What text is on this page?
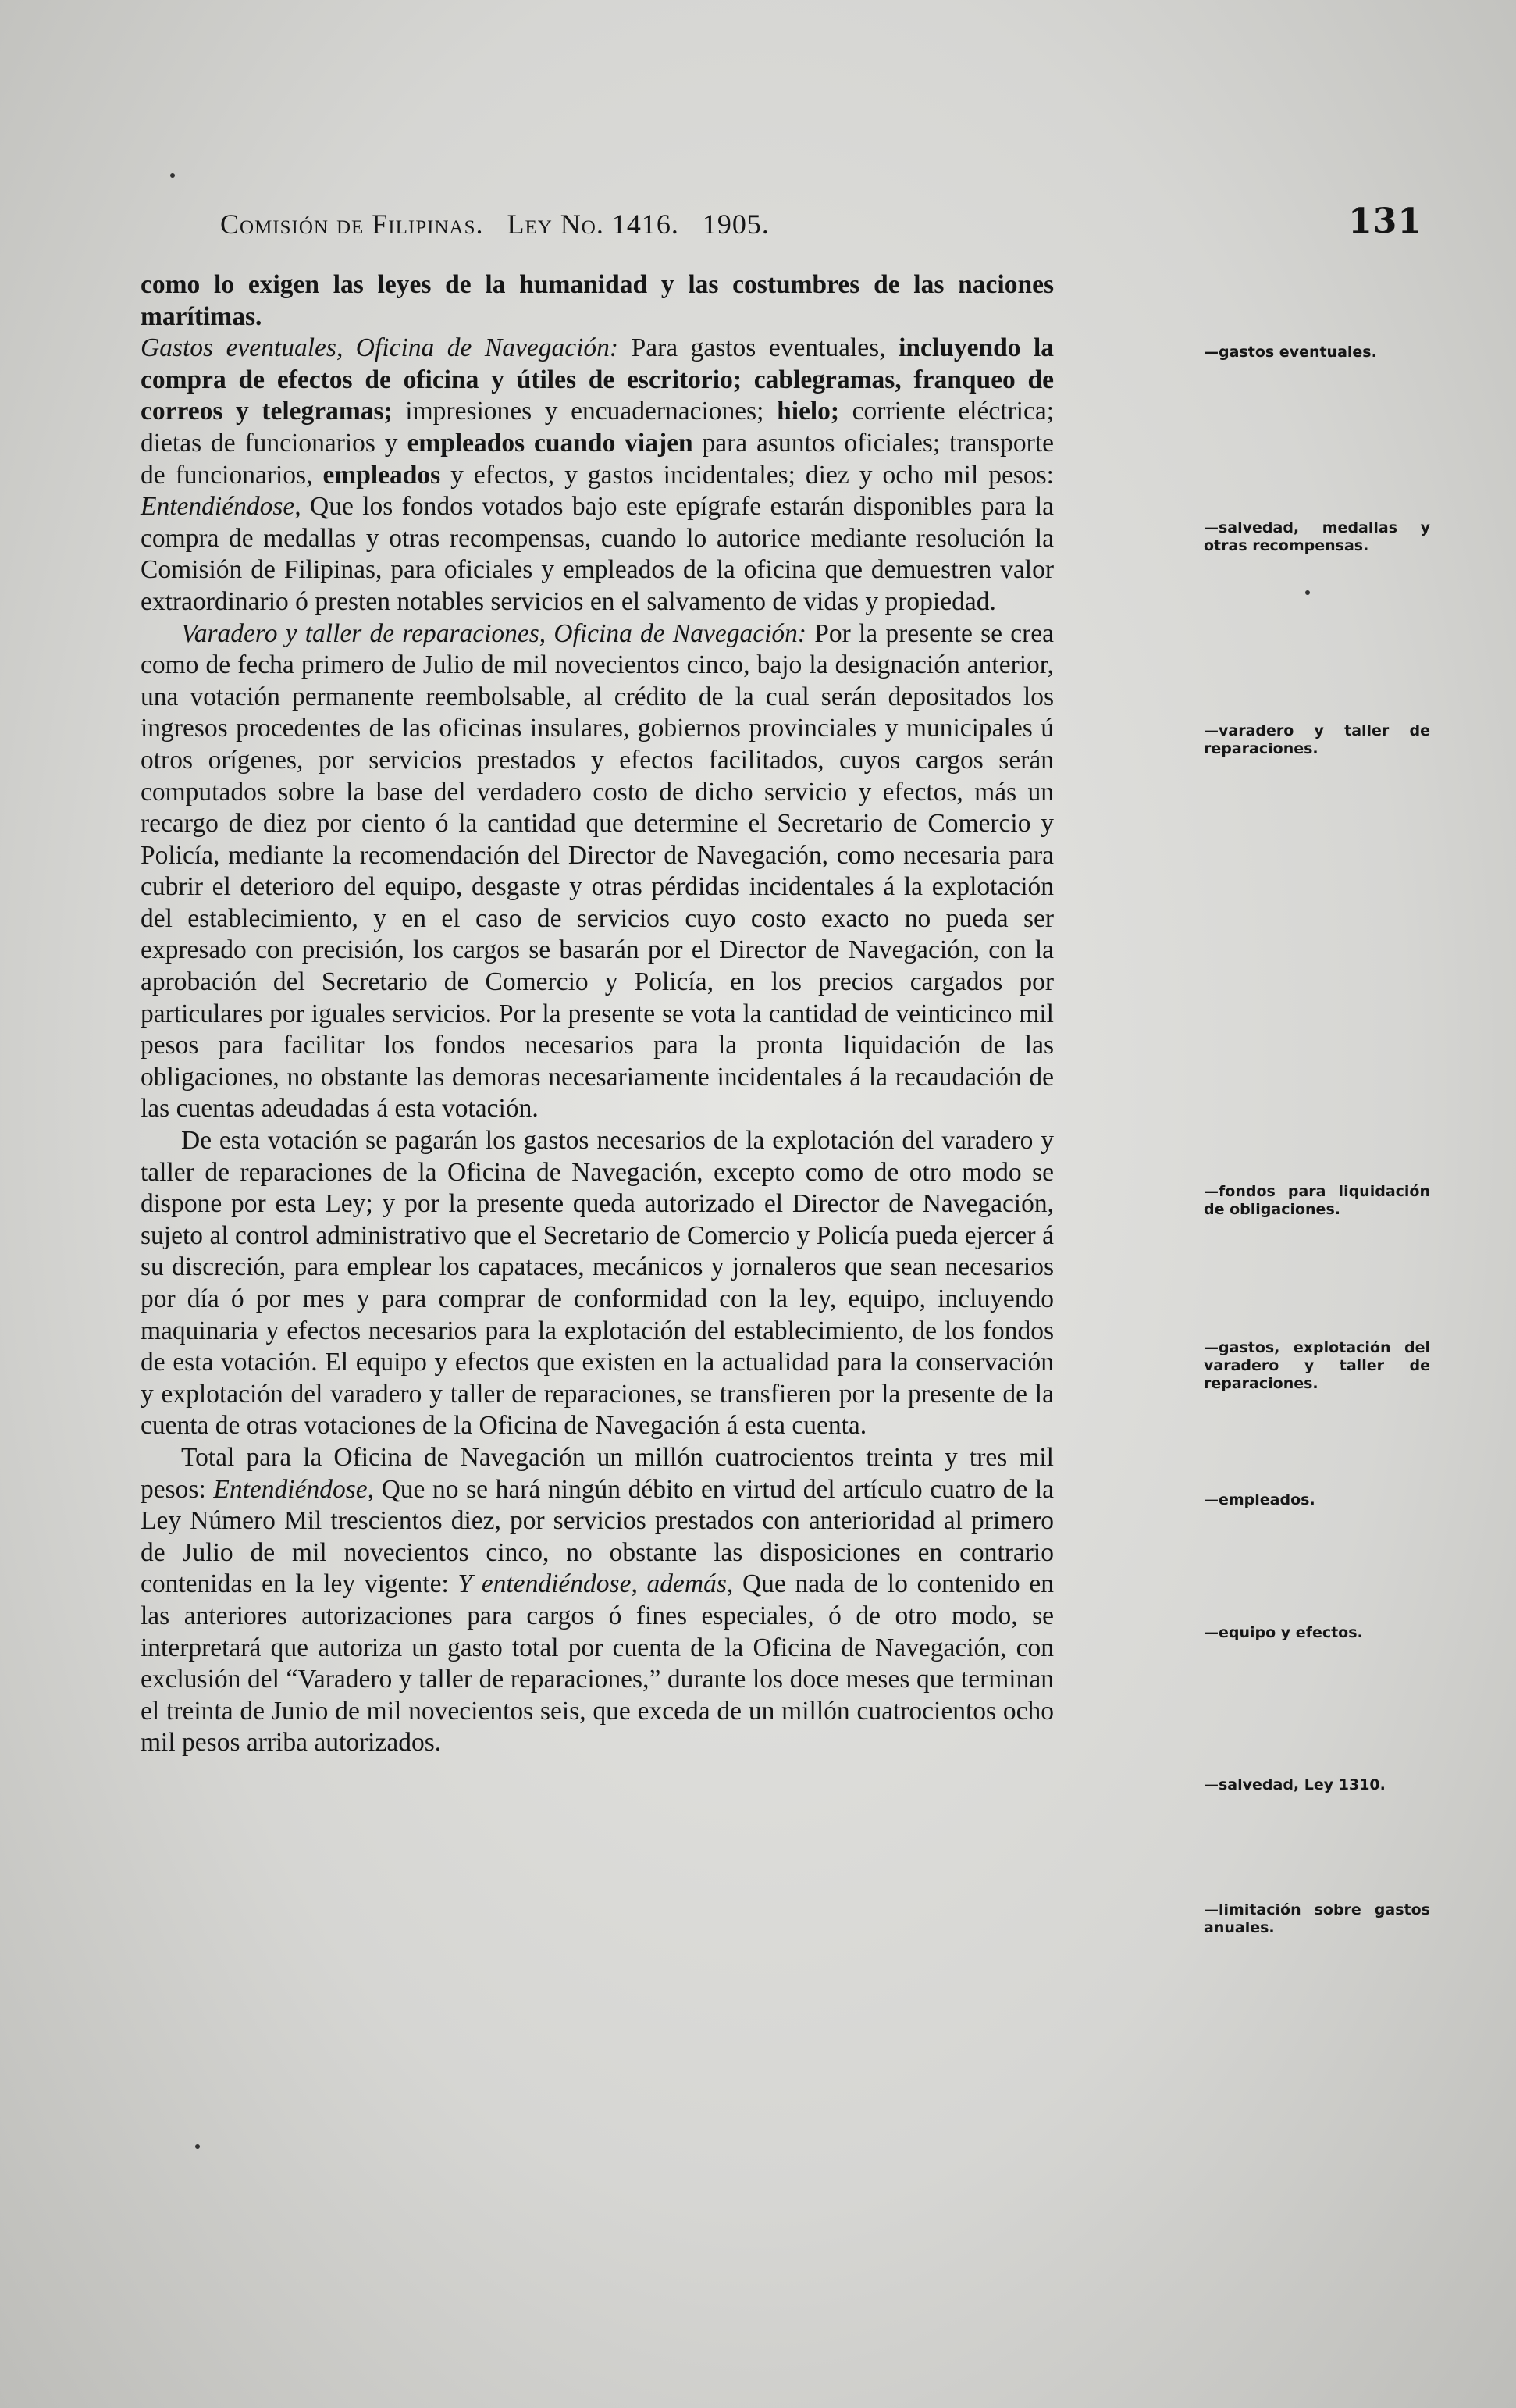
Comisión de Filipinas. Ley No. 1416. 1905.	131

como lo exigen las leyes de la humanidad y las costumbres de las naciones marítimas.

Gastos eventuales, Oficina de Navegación: Para gastos eventuales, incluyendo la compra de efectos de oficina y útiles de escritorio; cablegramas, franqueo de correos y telegramas; impresiones y encuadernaciones; hielo; corriente eléctrica; dietas de funcionarios y empleados cuando viajen para asuntos oficiales; transporte de funcionarios, empleados y efectos, y gastos incidentales; diez y ocho mil pesos: Entendiéndose, Que los fondos votados bajo este epígrafe estarán disponibles para la compra de medallas y otras recompensas, cuando lo autorice mediante resolución la Comisión de Filipinas, para oficiales y empleados de la oficina que demuestren valor extraordinario ó presten notables servicios en el salvamento de vidas y propiedad.

Varadero y taller de reparaciones, Oficina de Navegación: Por la presente se crea como de fecha primero de Julio de mil novecientos cinco, bajo la designación anterior, una votación permanente reembolsable, al crédito de la cual serán depositados los ingresos procedentes de las oficinas insulares, gobiernos provinciales y municipales ú otros orígenes, por servicios prestados y efectos facilitados, cuyos cargos serán computados sobre la base del verdadero costo de dicho servicio y efectos, más un recargo de diez por ciento ó la cantidad que determine el Secretario de Comercio y Policía, mediante la recomendación del Director de Navegación, como necesaria para cubrir el deterioro del equipo, desgaste y otras pérdidas incidentales á la explotación del establecimiento, y en el caso de servicios cuyo costo exacto no pueda ser expresado con precisión, los cargos se basarán por el Director de Navegación, con la aprobación del Secretario de Comercio y Policía, en los precios cargados por particulares por iguales servicios. Por la presente se vota la cantidad de veinticinco mil pesos para facilitar los fondos necesarios para la pronta liquidación de las obligaciones, no obstante las demoras necesariamente incidentales á la recaudación de las cuentas adeudadas á esta votación.

De esta votación se pagarán los gastos necesarios de la explotación del varadero y taller de reparaciones de la Oficina de Navegación, excepto como de otro modo se dispone por esta Ley; y por la presente queda autorizado el Director de Navegación, sujeto al control administrativo que el Secretario de Comercio y Policía pueda ejercer á su discreción, para emplear los capataces, mecánicos y jornaleros que sean necesarios por día ó por mes y para comprar de conformidad con la ley, equipo, incluyendo maquinaria y efectos necesarios para la explotación del establecimiento, de los fondos de esta votación. El equipo y efectos que existen en la actualidad para la conservación y explotación del varadero y taller de reparaciones, se transfieren por la presente de la cuenta de otras votaciones de la Oficina de Navegación á esta cuenta.

Total para la Oficina de Navegación un millón cuatrocientos treinta y tres mil pesos: Entendiéndose, Que no se hará ningún débito en virtud del artículo cuatro de la Ley Número Mil trescientos diez, por servicios prestados con anterioridad al primero de Julio de mil novecientos cinco, no obstante las disposiciones en contrario contenidas en la ley vigente: Y entendiéndose, además, Que nada de lo contenido en las anteriores autorizaciones para cargos ó fines especiales, ó de otro modo, se interpretará que autoriza un gasto total por cuenta de la Oficina de Navegación, con exclusión del “Varadero y taller de reparaciones,” durante los doce meses que terminan el treinta de Junio de mil novecientos seis, que exceda de un millón cuatrocientos ocho mil pesos arriba autorizados.

—gastos eventuales.
—salvedad, medallas y otras recompensas.
—varadero y taller de reparaciones.
—fondos para liquidación de obligaciones.
—gastos, explotación del varadero y taller de reparaciones.
—empleados.
—equipo y efectos.
—salvedad, Ley 1310.
—limitación sobre gastos anuales.
